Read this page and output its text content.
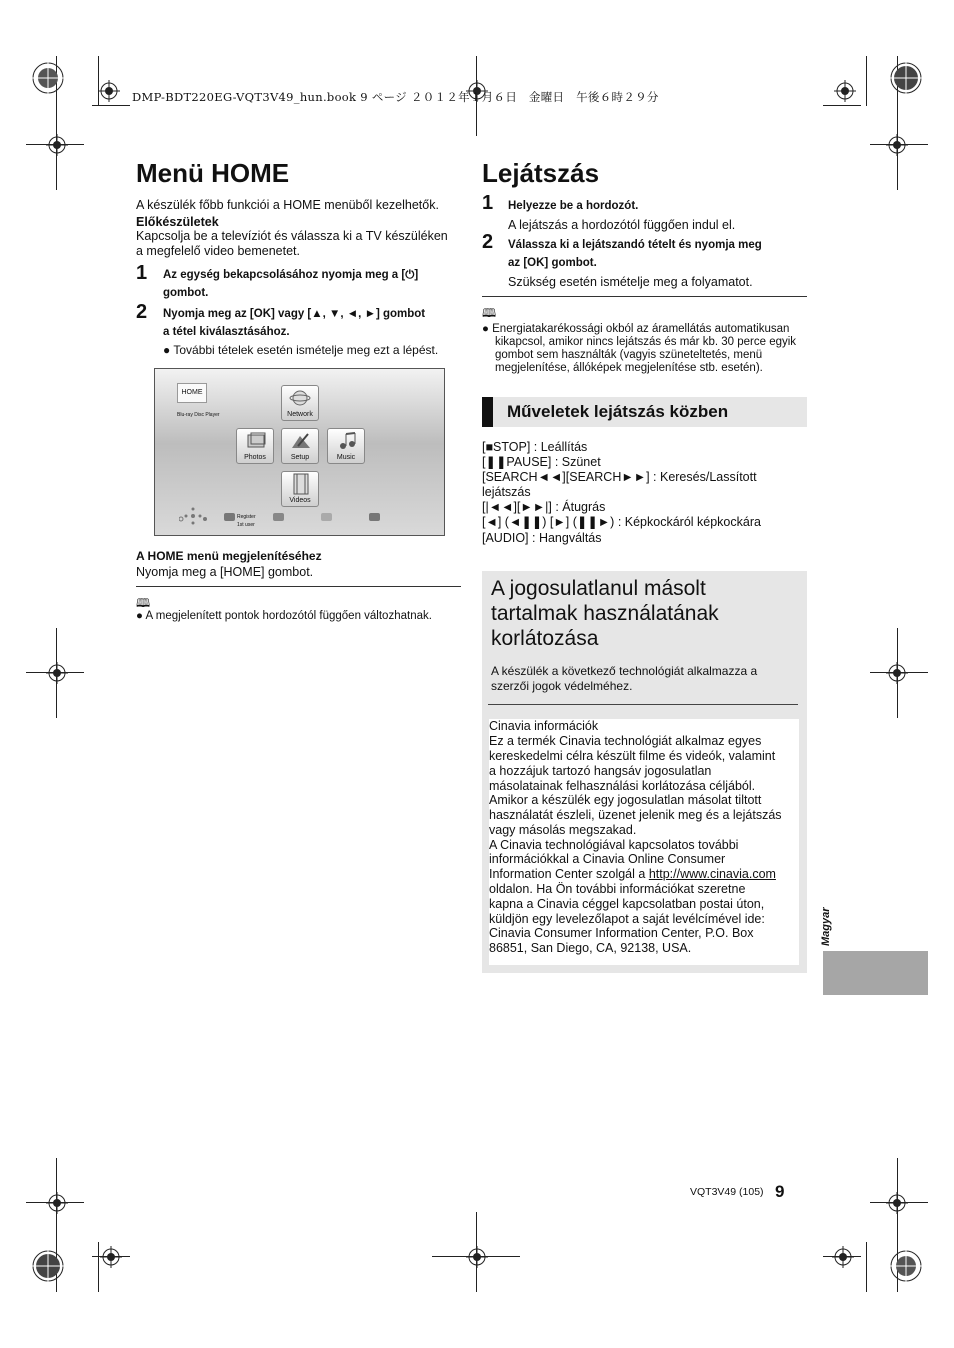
DMP-BDT220EG-VQT3V49_hun.book 9 ページ ２０１２年１月６日　金曜日　午後６時２９分
Menü HOME
A készülék főbb funkciói a HOME menüből kezelhetők.
Előkészületek
Kapcsolja be a televíziót és válassza ki a TV készüléken
a megfelelő video bemenetet.
1 Az egység bekapcsolásához nyomja meg a [⏻]
gombot.
2 Nyomja meg az [OK] vagy [▲, ▼, ◄, ►] gombot
a tétel kiválasztásához.
● További tételek esetén ismételje meg ezt a lépést.
HOME
Blu-ray Disc Player	Network
Photos	Setup	Music
Videos
Register
1st user
A HOME menü megjelenítéséhez
Nyomja meg a [HOME] gombot.
🕮
● A megjelenített pontok hordozótól függően változhatnak.
Lejátszás
1 Helyezze be a hordozót.
A lejátszás a hordozótól függően indul el.
2 Válassza ki a lejátszandó tételt és nyomja meg
az [OK] gombot.
Szükség esetén ismételje meg a folyamatot.
🕮
● Energiatakarékossági okból az áramellátás automatikusan
kikapcsol, amikor nincs lejátszás és már kb. 30 perce egyik
gombot sem használták (vagyis szüneteltetés, menü
megjelenítése, állóképek megjelenítése stb. esetén).
Műveletek lejátszás közben
[■STOP] : Leállítás
[❚❚PAUSE] : Szünet
[SEARCH◄◄][SEARCH►►] : Keresés/Lassított
lejátszás
[|◄◄][►►|] : Átugrás
[◄] (◄❚❚) [►] (❚❚►) : Képkockáról képkockára
[AUDIO] : Hangváltás
A jogosulatlanul másolt
tartalmak használatának
korlátozása
A készülék a következő technológiát alkalmazza a
szerzői jogok védelméhez.
Cinavia információk
Ez a termék Cinavia technológiát alkalmaz egyes
kereskedelmi célra készült filme és videók, valamint
a hozzájuk tartozó hangsáv jogosulatlan
másolatainak felhasználási korlátozása céljából.
Amikor a készülék egy jogosulatlan másolat tiltott
használatát észleli, üzenet jelenik meg és a lejátszás
vagy másolás megszakad.
A Cinavia technológiával kapcsolatos további
információkkal a Cinavia Online Consumer
Information Center szolgál a http://www.cinavia.com
oldalon. Ha Ön további információkat szeretne
kapna a Cinavia céggel kapcsolatban postai úton,
küldjön egy levelezőlapot a saját levélcímével ide:
Cinavia Consumer Information Center, P.O. Box
86851, San Diego, CA, 92138, USA.
Magyar
VQT3V49 (105) 9
